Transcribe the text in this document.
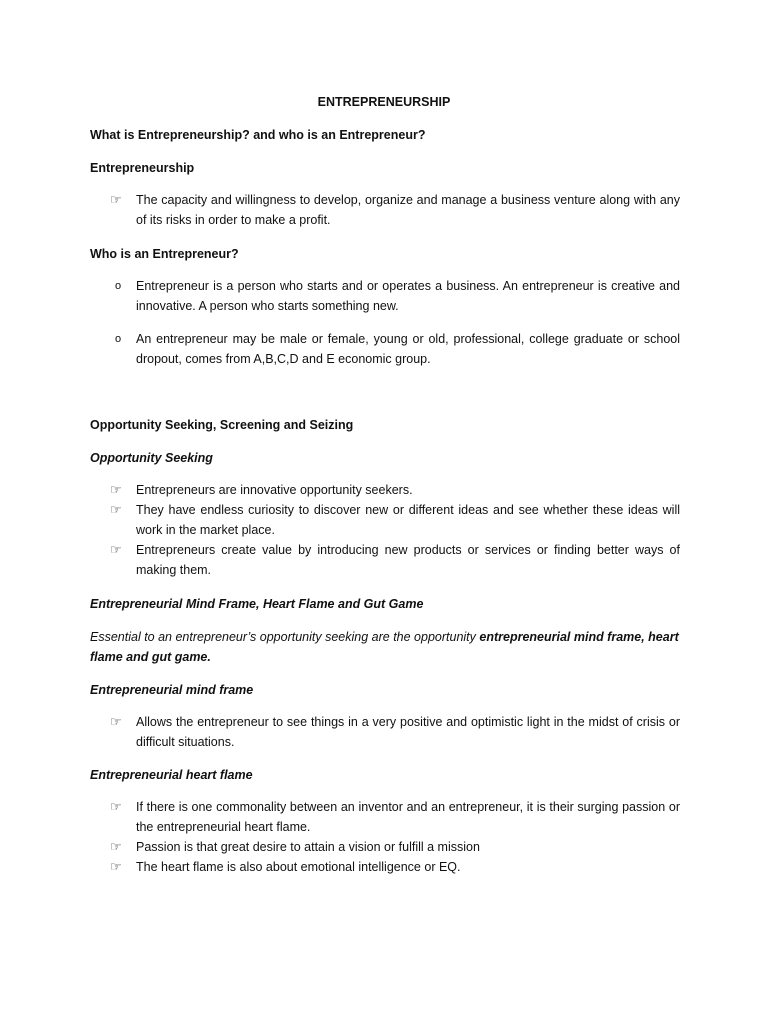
ENTREPRENEURSHIP
What is Entrepreneurship? and who is an Entrepreneur?
Entrepreneurship
☞	The capacity and willingness to develop, organize and manage a business venture along with any of its risks in order to make a profit.
Who is an Entrepreneur?
o	Entrepreneur is a person who starts and or operates a business. An entrepreneur is creative and innovative. A person who starts something new.
o	An entrepreneur may be male or female, young or old, professional, college graduate or school dropout, comes from A,B,C,D and E economic group.
Opportunity Seeking, Screening and Seizing
Opportunity Seeking
☞	Entrepreneurs are innovative opportunity seekers.
☞	They have endless curiosity to discover new or different ideas and see whether these ideas will work in the market place.
☞	Entrepreneurs create value by introducing new products or services or finding better ways of making them.
Entrepreneurial Mind Frame, Heart Flame and Gut Game
Essential to an entrepreneur’s opportunity seeking are the opportunity entrepreneurial mind frame, heart flame and gut game.
Entrepreneurial mind frame
☞	Allows the entrepreneur to see things in a very positive and optimistic light in the midst of crisis or difficult situations.
Entrepreneurial heart flame
☞	If there is one commonality between an inventor and an entrepreneur, it is their surging passion or the entrepreneurial heart flame.
☞	Passion is that great desire to attain a vision or fulfill a mission
☞	The heart flame is also about emotional intelligence or EQ.
